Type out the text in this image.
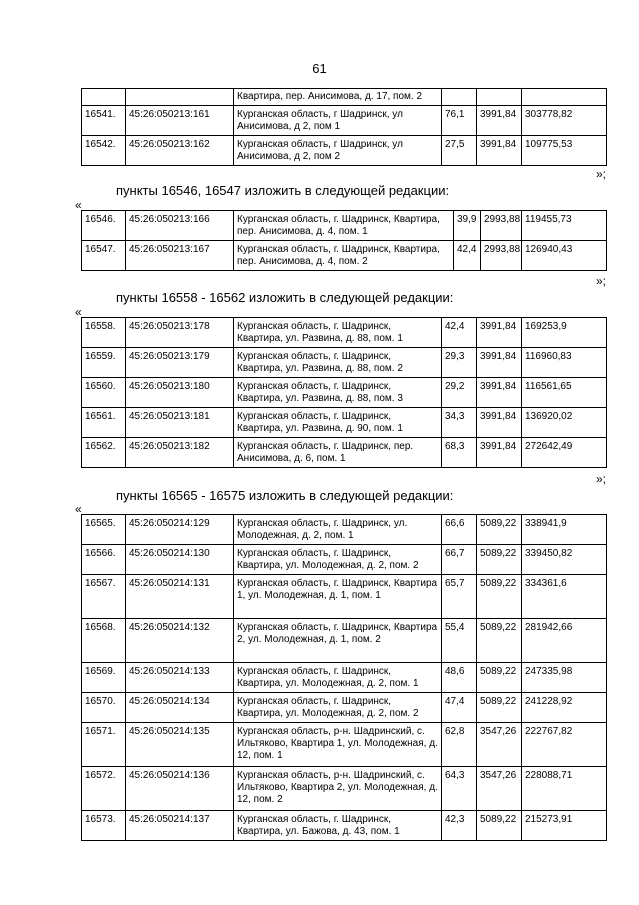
61
		Квартира, пер. Анисимова, д. 17, пом. 2			
16541.	45:26:050213:161	Курганская область, г Шадринск, ул Анисимова, д 2, пом 1	76,1	3991,84	303778,82
16542.	45:26:050213:162	Курганская область, г Шадринск, ул Анисимова, д 2, пом 2	27,5	3991,84	109775,53
»;
пункты 16546, 16547 изложить в следующей редакции:
«
16546.	45:26:050213:166	Курганская область, г. Шадринск, Квартира, пер. Анисимова, д. 4, пом. 1	39,9	2993,88	119455,73
16547.	45:26:050213:167	Курганская область, г. Шадринск, Квартира, пер. Анисимова, д. 4, пом. 2	42,4	2993,88	126940,43
»;
пункты 16558 - 16562 изложить в следующей редакции:
«
16558.	45:26:050213:178	Курганская область, г. Шадринск, Квартира, ул. Развина, д. 88, пом. 1	42,4	3991,84	169253,9
16559.	45:26:050213:179	Курганская область, г. Шадринск, Квартира, ул. Развина, д. 88, пом. 2	29,3	3991,84	116960,83
16560.	45:26:050213:180	Курганская область, г. Шадринск, Квартира, ул. Развина, д. 88, пом. 3	29,2	3991,84	116561,65
16561.	45:26:050213:181	Курганская область, г. Шадринск, Квартира, ул. Развина, д. 90, пом. 1	34,3	3991,84	136920,02
16562.	45:26:050213:182	Курганская область, г. Шадринск, пер. Анисимова, д. 6, пом. 1	68,3	3991,84	272642,49
»;
пункты 16565 - 16575 изложить в следующей редакции:
«
16565.	45:26:050214:129	Курганская область, г. Шадринск, ул. Молодежная, д. 2, пом. 1	66,6	5089,22	338941,9
16566.	45:26:050214:130	Курганская область, г. Шадринск, Квартира, ул. Молодежная, д. 2, пом. 2	66,7	5089,22	339450,82
16567.	45:26:050214:131	Курганская область, г. Шадринск, Квартира 1, ул. Молодежная, д. 1, пом. 1	65,7	5089,22	334361,6
16568.	45:26:050214:132	Курганская область, г. Шадринск, Квартира 2, ул. Молодежная, д. 1, пом. 2	55,4	5089,22	281942,66
16569.	45:26:050214:133	Курганская область, г. Шадринск, Квартира, ул. Молодежная, д. 2, пом. 1	48,6	5089,22	247335,98
16570.	45:26:050214:134	Курганская область, г. Шадринск, Квартира, ул. Молодежная, д. 2, пом. 2	47,4	5089,22	241228,92
16571.	45:26:050214:135	Курганская область, р-н. Шадринский, с. Ильтяково, Квартира 1, ул. Молодежная, д. 12, пом. 1	62,8	3547,26	222767,82
16572.	45:26:050214:136	Курганская область, р-н. Шадринский, с. Ильтяково, Квартира 2, ул. Молодежная, д. 12, пом. 2	64,3	3547,26	228088,71
16573.	45:26:050214:137	Курганская область, г. Шадринск, Квартира, ул. Бажова, д. 43, пом. 1	42,3	5089,22	215273,91
